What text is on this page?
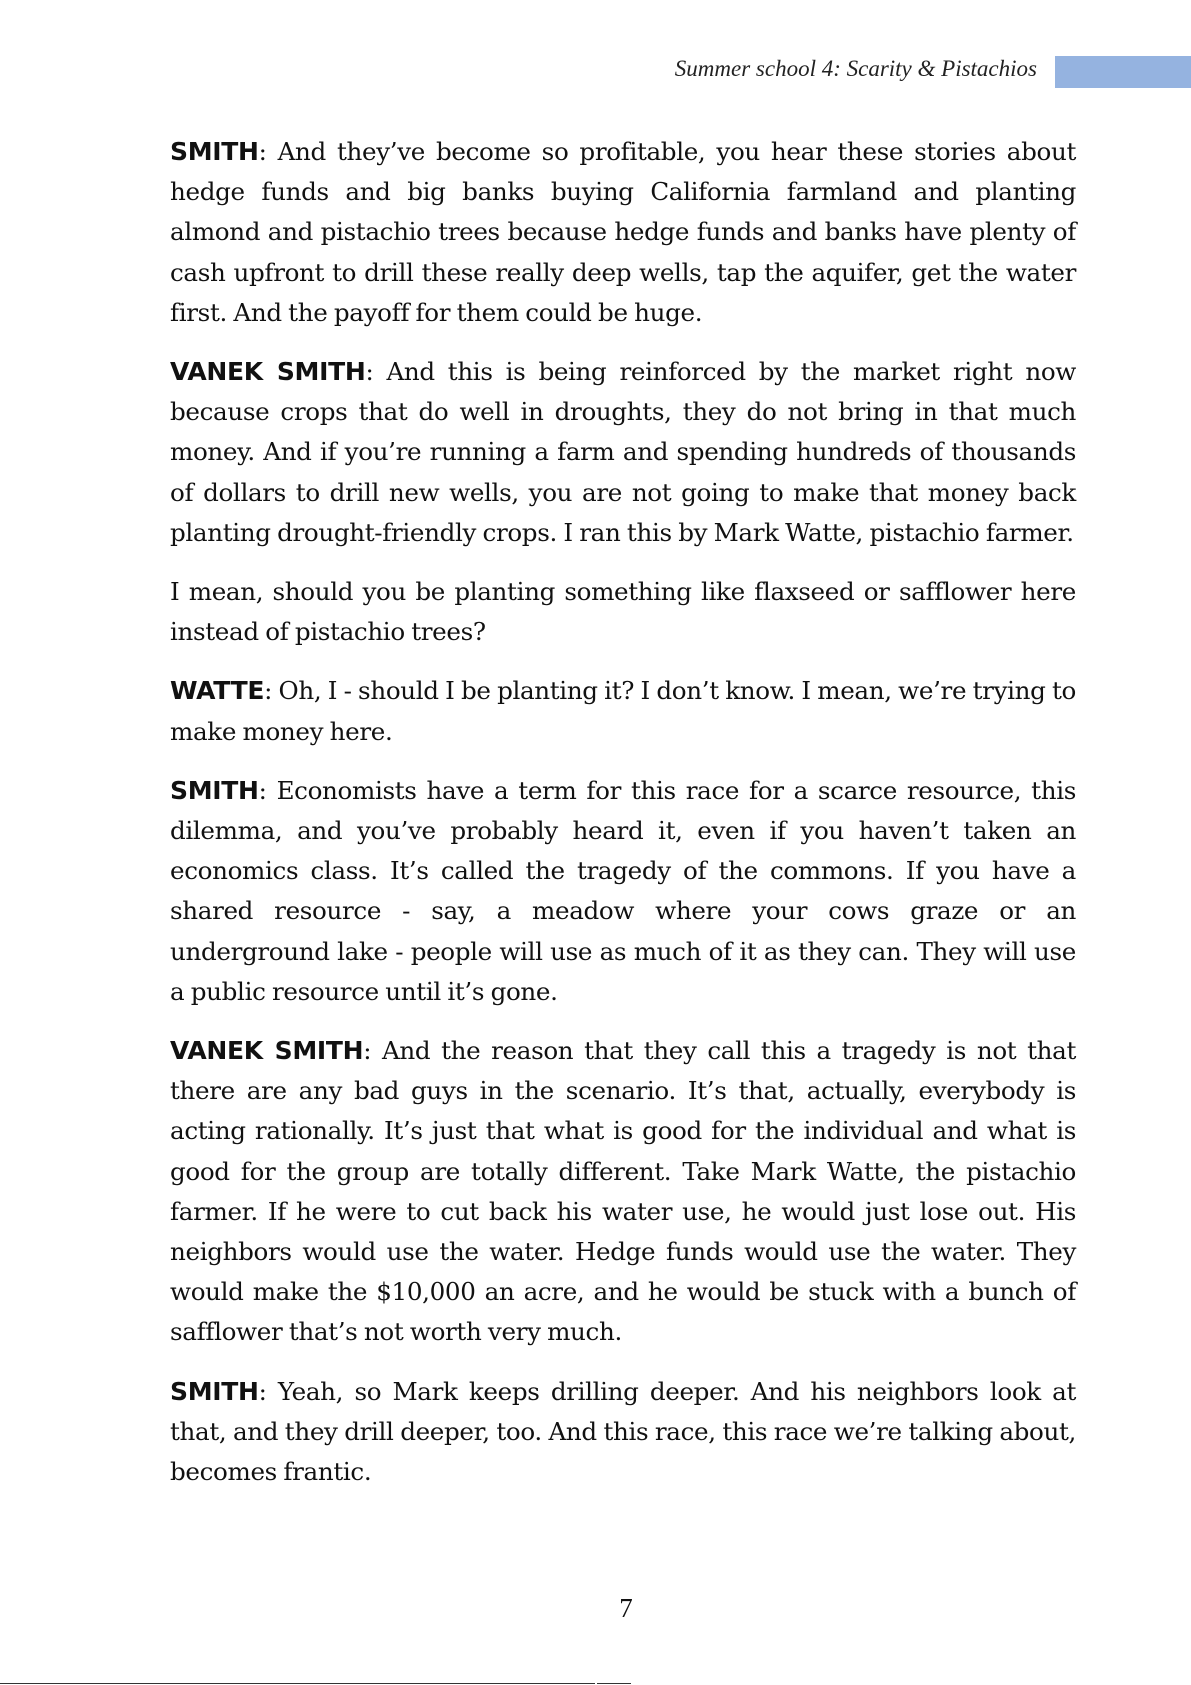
Summer school 4: Scarity & Pistachios

SMITH: And they’ve become so profitable, you hear these stories about hedge funds and big banks buying California farmland and planting almond and pistachio trees because hedge funds and banks have plenty of cash upfront to drill these really deep wells, tap the aquifer, get the water first. And the payoff for them could be huge.

VANEK SMITH: And this is being reinforced by the market right now because crops that do well in droughts, they do not bring in that much money. And if you’re running a farm and spending hundreds of thousands of dollars to drill new wells, you are not going to make that money back planting drought-friendly crops. I ran this by Mark Watte, pistachio farmer.

I mean, should you be planting something like flaxseed or safflower here instead of pistachio trees?

WATTE: Oh, I - should I be planting it? I don’t know. I mean, we’re trying to make money here.

SMITH: Economists have a term for this race for a scarce resource, this dilemma, and you’ve probably heard it, even if you haven’t taken an economics class. It’s called the tragedy of the commons. If you have a shared resource - say, a meadow where your cows graze or an underground lake - people will use as much of it as they can. They will use a public resource until it’s gone.

VANEK SMITH: And the reason that they call this a tragedy is not that there are any bad guys in the scenario. It’s that, actually, everybody is acting rationally. It’s just that what is good for the individual and what is good for the group are totally different. Take Mark Watte, the pistachio farmer. If he were to cut back his water use, he would just lose out. His neighbors would use the water. Hedge funds would use the water. They would make the $10,000 an acre, and he would be stuck with a bunch of safflower that’s not worth very much.

SMITH: Yeah, so Mark keeps drilling deeper. And his neighbors look at that, and they drill deeper, too. And this race, this race we’re talking about, becomes frantic.

7
